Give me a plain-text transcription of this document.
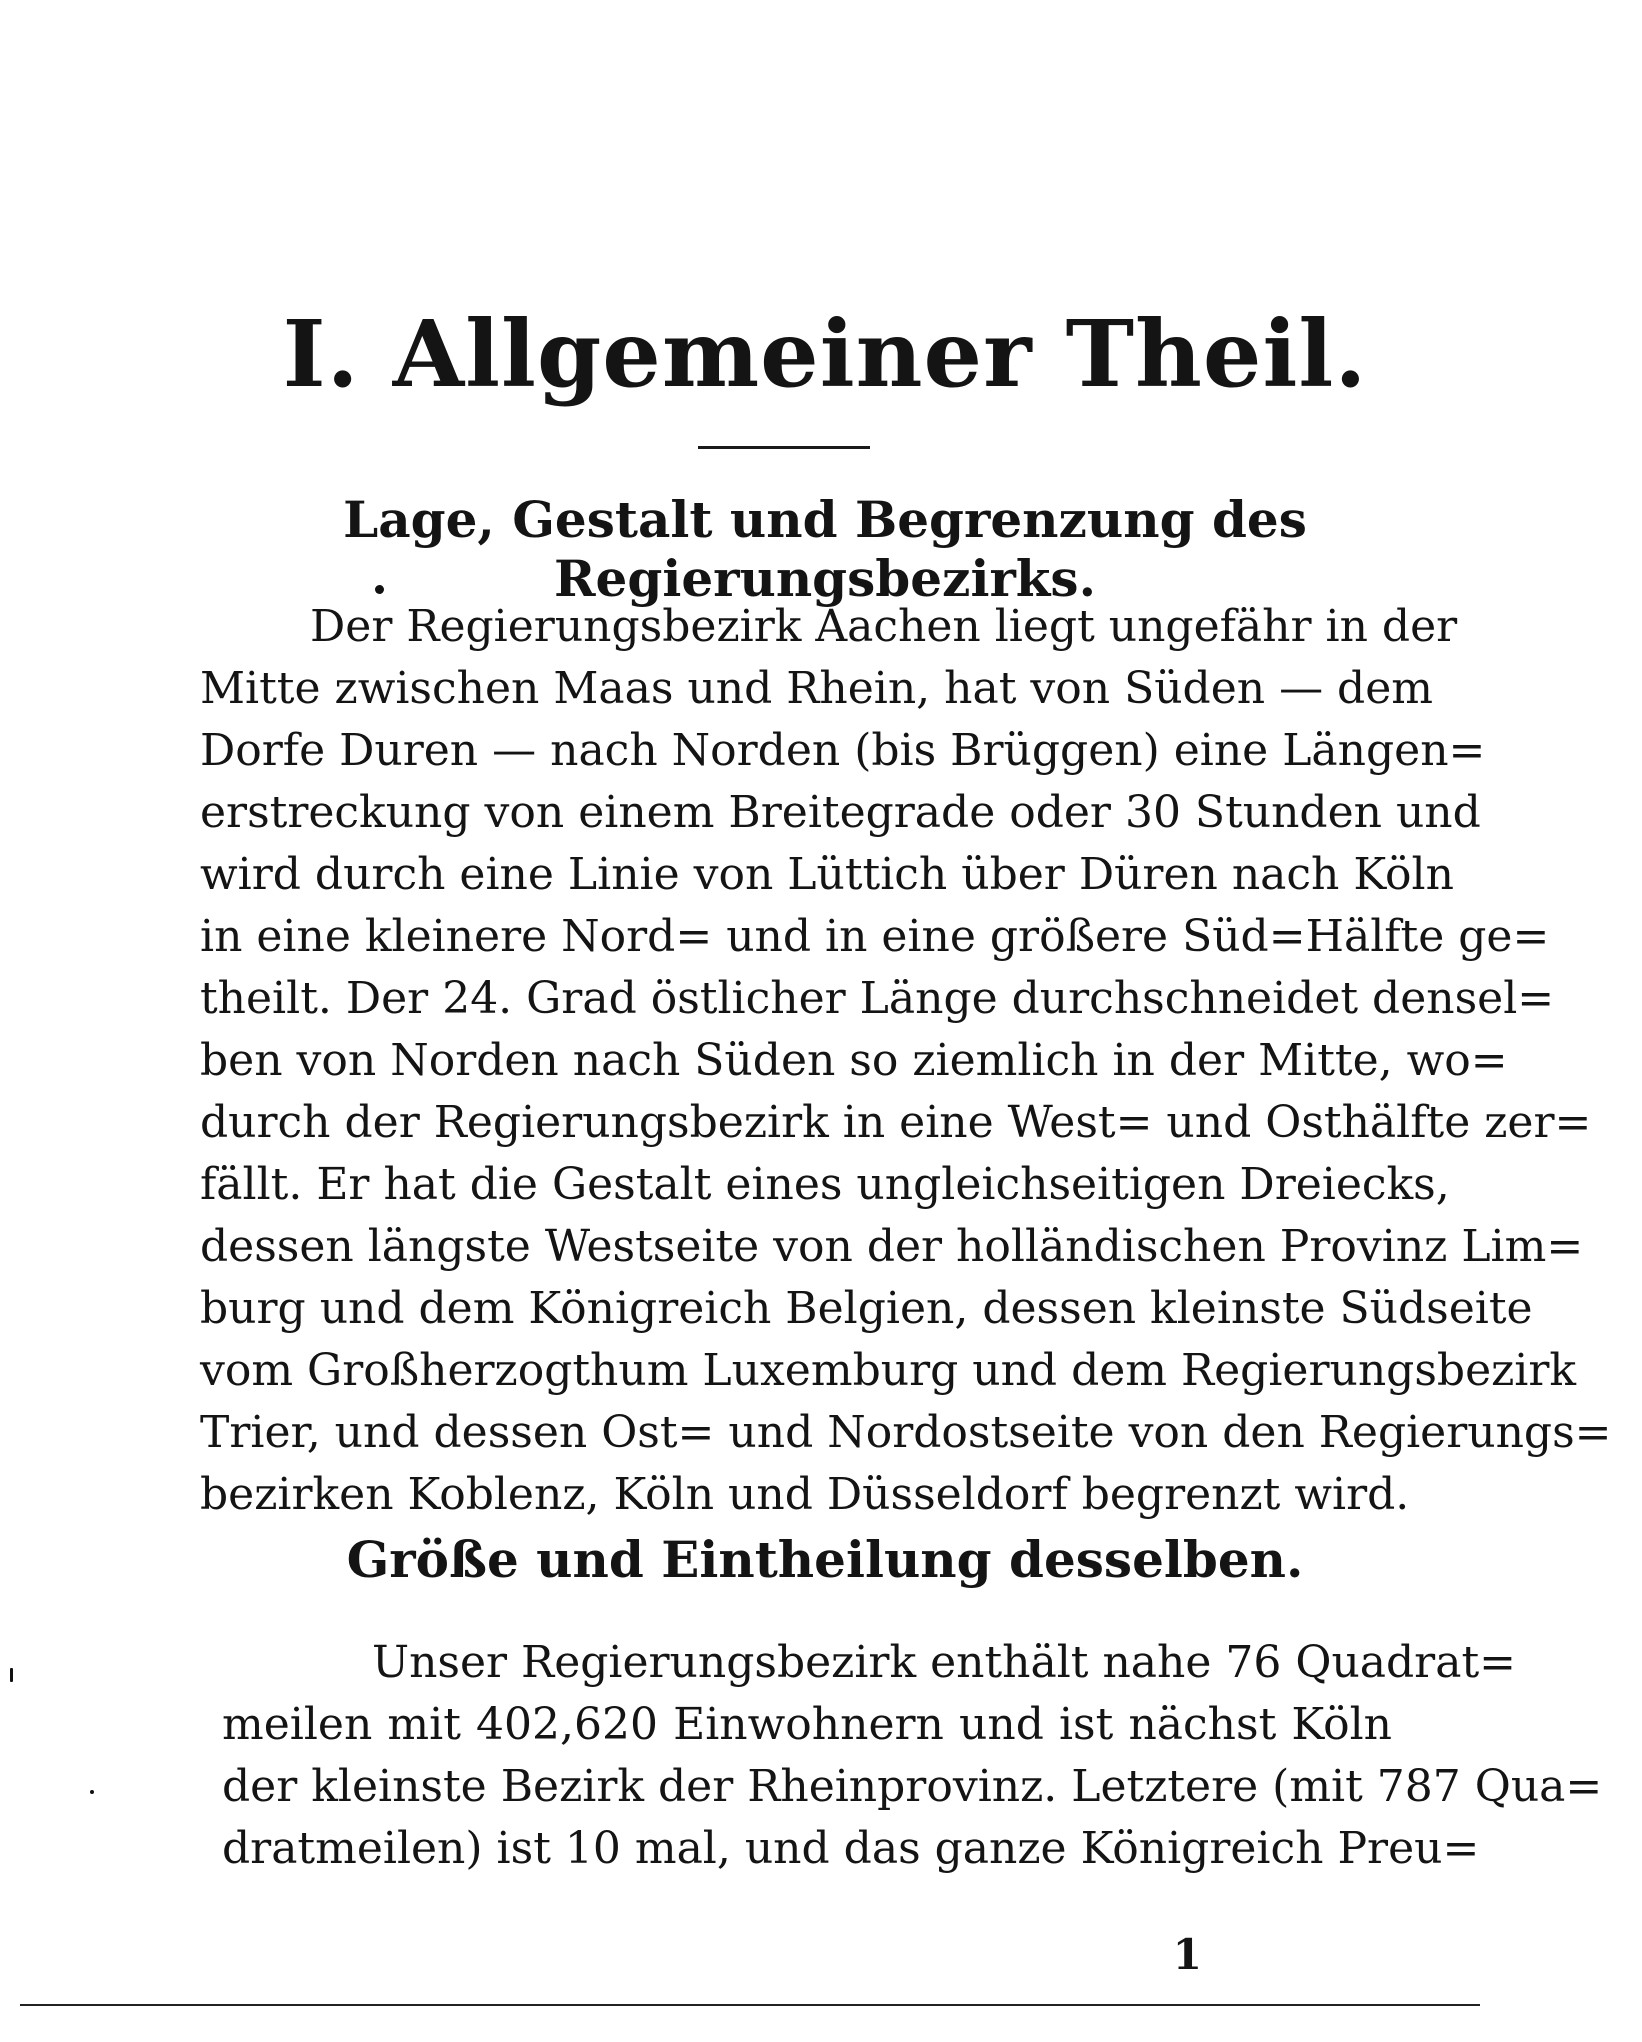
I. Allgemeiner Theil.
Lage, Gestalt und Begrenzung des Regierungsbezirks.

Der Regierungsbezirk Aachen liegt ungefähr in der
Mitte zwischen Maas und Rhein, hat von Süden — dem
Dorfe Duren — nach Norden (bis Brüggen) eine Längen=
erstreckung von einem Breitegrade oder 30 Stunden und
wird durch eine Linie von Lüttich über Düren nach Köln
in eine kleinere Nord= und in eine größere Süd=Hälfte ge=
theilt. Der 24. Grad östlicher Länge durchschneidet densel=
ben von Norden nach Süden so ziemlich in der Mitte, wo=
durch der Regierungsbezirk in eine West= und Osthälfte zer=
fällt. Er hat die Gestalt eines ungleichseitigen Dreiecks,
dessen längste Westseite von der holländischen Provinz Lim=
burg und dem Königreich Belgien, dessen kleinste Südseite
vom Großherzogthum Luxemburg und dem Regierungsbezirk
Trier, und dessen Ost= und Nordostseite von den Regierungs=
bezirken Koblenz, Köln und Düsseldorf begrenzt wird.

Größe und Eintheilung desselben.

Unser Regierungsbezirk enthält nahe 76 Quadrat=
meilen mit 402,620 Einwohnern und ist nächst Köln
der kleinste Bezirk der Rheinprovinz. Letztere (mit 787 Qua=
dratmeilen) ist 10 mal, und das ganze Königreich Preu=

1
